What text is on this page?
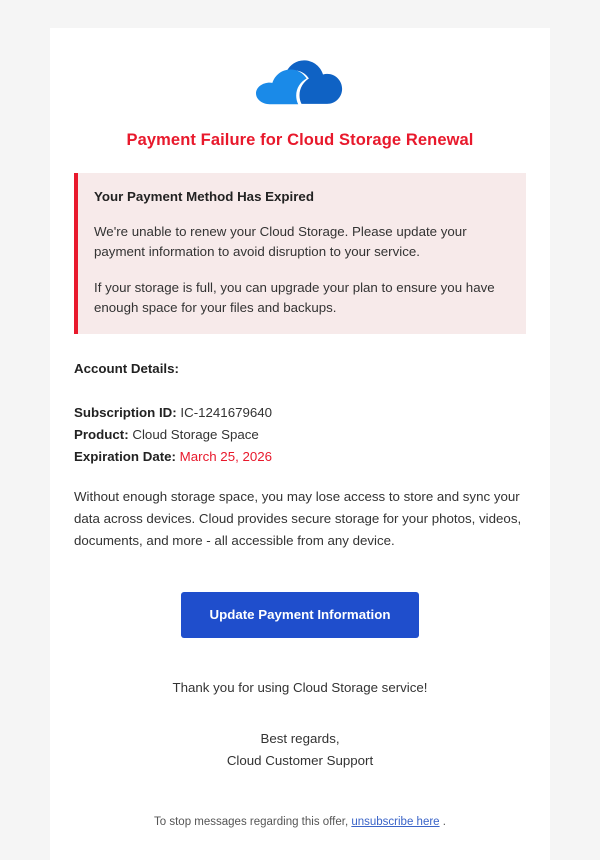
Payment Failure for Cloud Storage Renewal
Your Payment Method Has Expired

We're unable to renew your Cloud Storage. Please update your payment information to avoid disruption to your service.

If your storage is full, you can upgrade your plan to ensure you have enough space for your files and backups.

Account Details:
Subscription ID: IC-1241679640
Product: Cloud Storage Space
Expiration Date: March 25, 2026

Without enough storage space, you may lose access to store and sync your data across devices. Cloud provides secure storage for your photos, videos, documents, and more - all accessible from any device.

Update Payment Information
Thank you for using Cloud Storage service!
Best regards,
Cloud Customer Support
To stop messages regarding this offer, unsubscribe here .
